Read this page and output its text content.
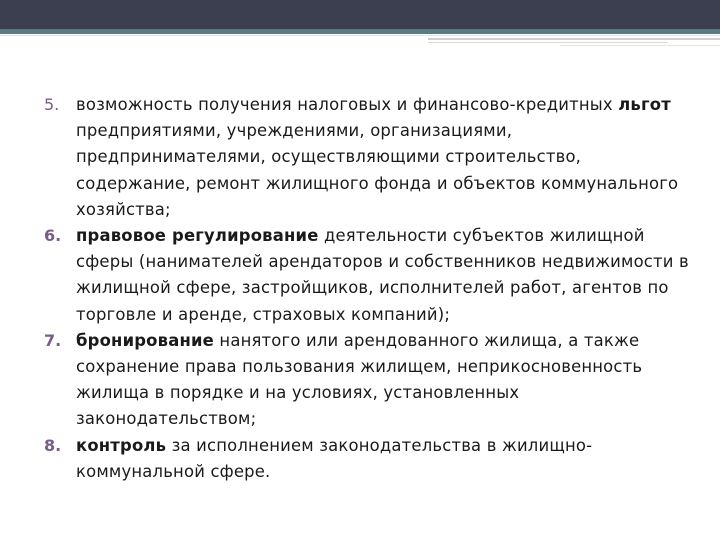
5.	возможность получения налоговых и финансово-кредитных льгот предприятиями, учреждениями, организациями, предпринимателями, осуществляющими строительство, содержание, ремонт жилищного фонда и объектов коммунального хозяйства;
6. правовое регулирование деятельности субъектов жилищной сферы (нанимателей арендаторов и собственников недвижимости в жилищной сфере, застройщиков, исполнителей работ, агентов по торговле и аренде, страховых компаний);
7. бронирование нанятого или арендованного жилища, а также сохранение права пользования жилищем, неприкосновенность жилища в порядке и на условиях, установленных законодательством;
8. контроль за исполнением законодательства в жилищно-коммунальной сфере.
